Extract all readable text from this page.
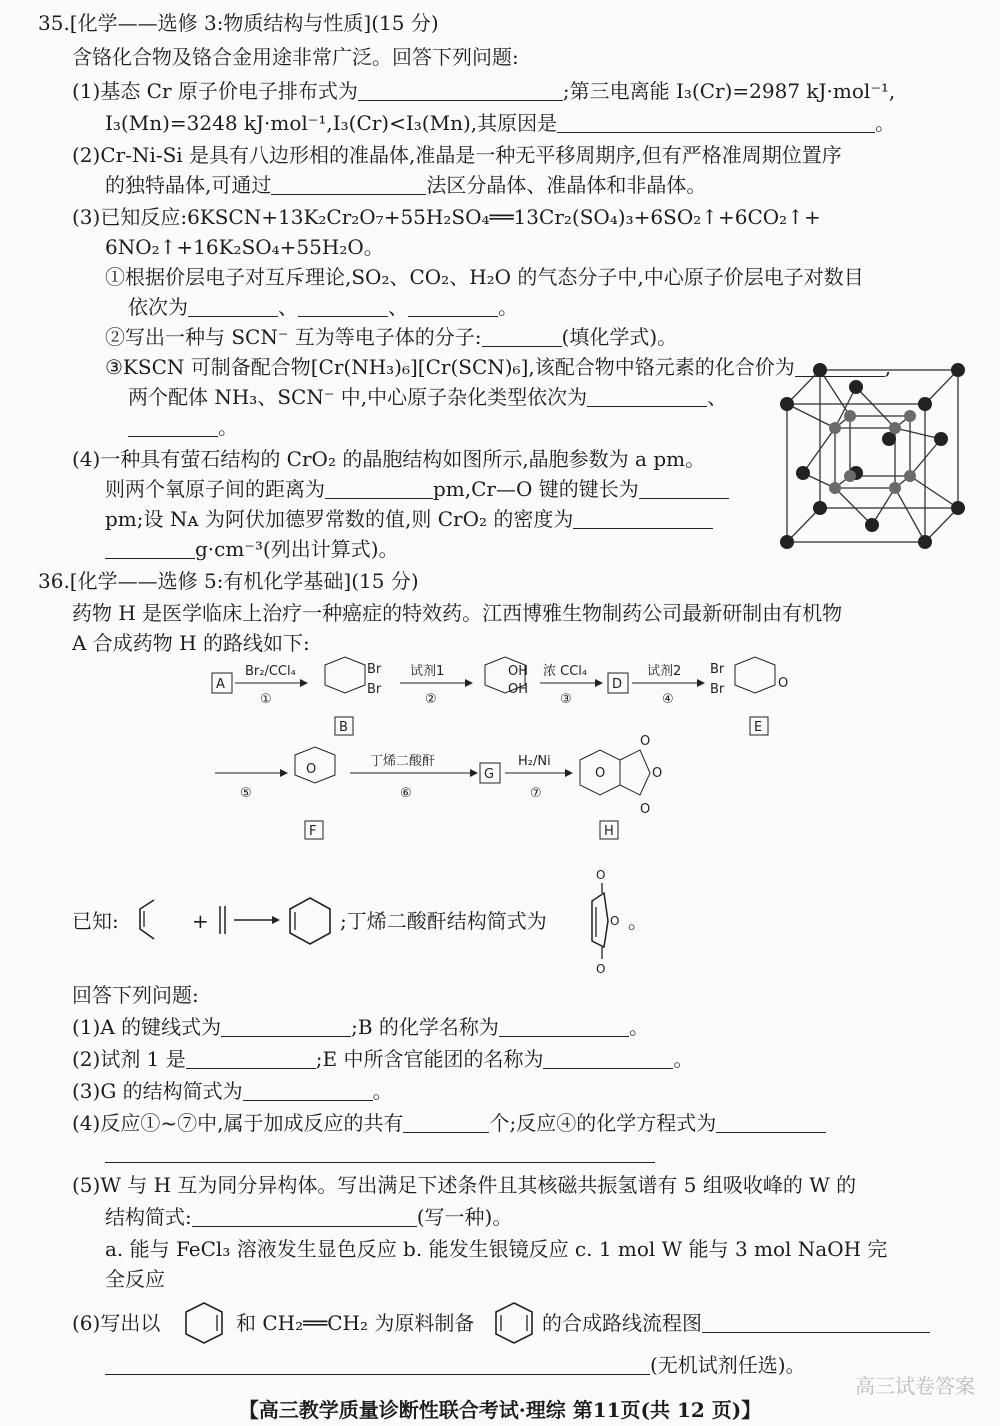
35.[化学——选修 3:物质结构与性质](15 分)
含铬化合物及铬合金用途非常广泛。回答下列问题:
(1)基态 Cr 原子价电子排布式为	;第三电离能 I₃(Cr)=2987 kJ·mol⁻¹,
I₃(Mn)=3248 kJ·mol⁻¹,I₃(Cr)<I₃(Mn),其原因是	。
(2)Cr-Ni-Si 是具有八边形相的准晶体,准晶是一种无平移周期序,但有严格准周期位置序
的独特晶体,可通过	法区分晶体、准晶体和非晶体。
(3)已知反应:6KSCN+13K₂Cr₂O₇+55H₂SO₄══13Cr₂(SO₄)₃+6SO₂↑+6CO₂↑+
6NO₂↑+16K₂SO₄+55H₂O。
①根据价层电子对互斥理论,SO₂、CO₂、H₂O 的气态分子中,中心原子价层电子对数目
依次为	、	、	。
②写出一种与 SCN⁻ 互为等电子体的分子:	(填化学式)。
③KSCN 可制备配合物[Cr(NH₃)₆][Cr(SCN)₆],该配合物中铬元素的化合价为	,
两个配体 NH₃、SCN⁻ 中,中心原子杂化类型依次为	、
。
(4)一种具有萤石结构的 CrO₂ 的晶胞结构如图所示,晶胞参数为 a pm。
则两个氧原子间的距离为	pm,Cr—O 键的键长为
pm;设 Nᴀ 为阿伏加德罗常数的值,则 CrO₂ 的密度为
g·cm⁻³(列出计算式)。
36.[化学——选修 5:有机化学基础](15 分)
药物 H 是医学临床上治疗一种癌症的特效药。江西博雅生物制药公司最新研制由有机物
A 合成药物 H 的路线如下:
A
Br₂/CCl₄
①
Br
Br
B
试剂1
②
OH
OH
浓 CCl₄
③
D
试剂2
④
Br
Br	O
E
⑤
O
F
丁烯二酸酐
⑥
G
H₂/Ni
⑦
O
O
O
O
H
已知:	+	;丁烯二酸酐结构简式为
O
O
O
。
回答下列问题:
(1)A 的键线式为	;B 的化学名称为	。
(2)试剂 1 是	;E 中所含官能团的名称为	。
(3)G 的结构简式为	。
(4)反应①~⑦中,属于加成反应的共有	个;反应④的化学方程式为
(5)W 与 H 互为同分异构体。写出满足下述条件且其核磁共振氢谱有 5 组吸收峰的 W 的
结构简式:	(写一种)。
a. 能与 FeCl₃ 溶液发生显色反应 b. 能发生银镜反应 c. 1 mol W 能与 3 mol NaOH 完
全反应
(6)写出以	和 CH₂══CH₂ 为原料制备	的合成路线流程图
(无机试剂任选)。
高三试卷答案
【高三教学质量诊断性联合考试·理综 第11页(共 12 页)】
